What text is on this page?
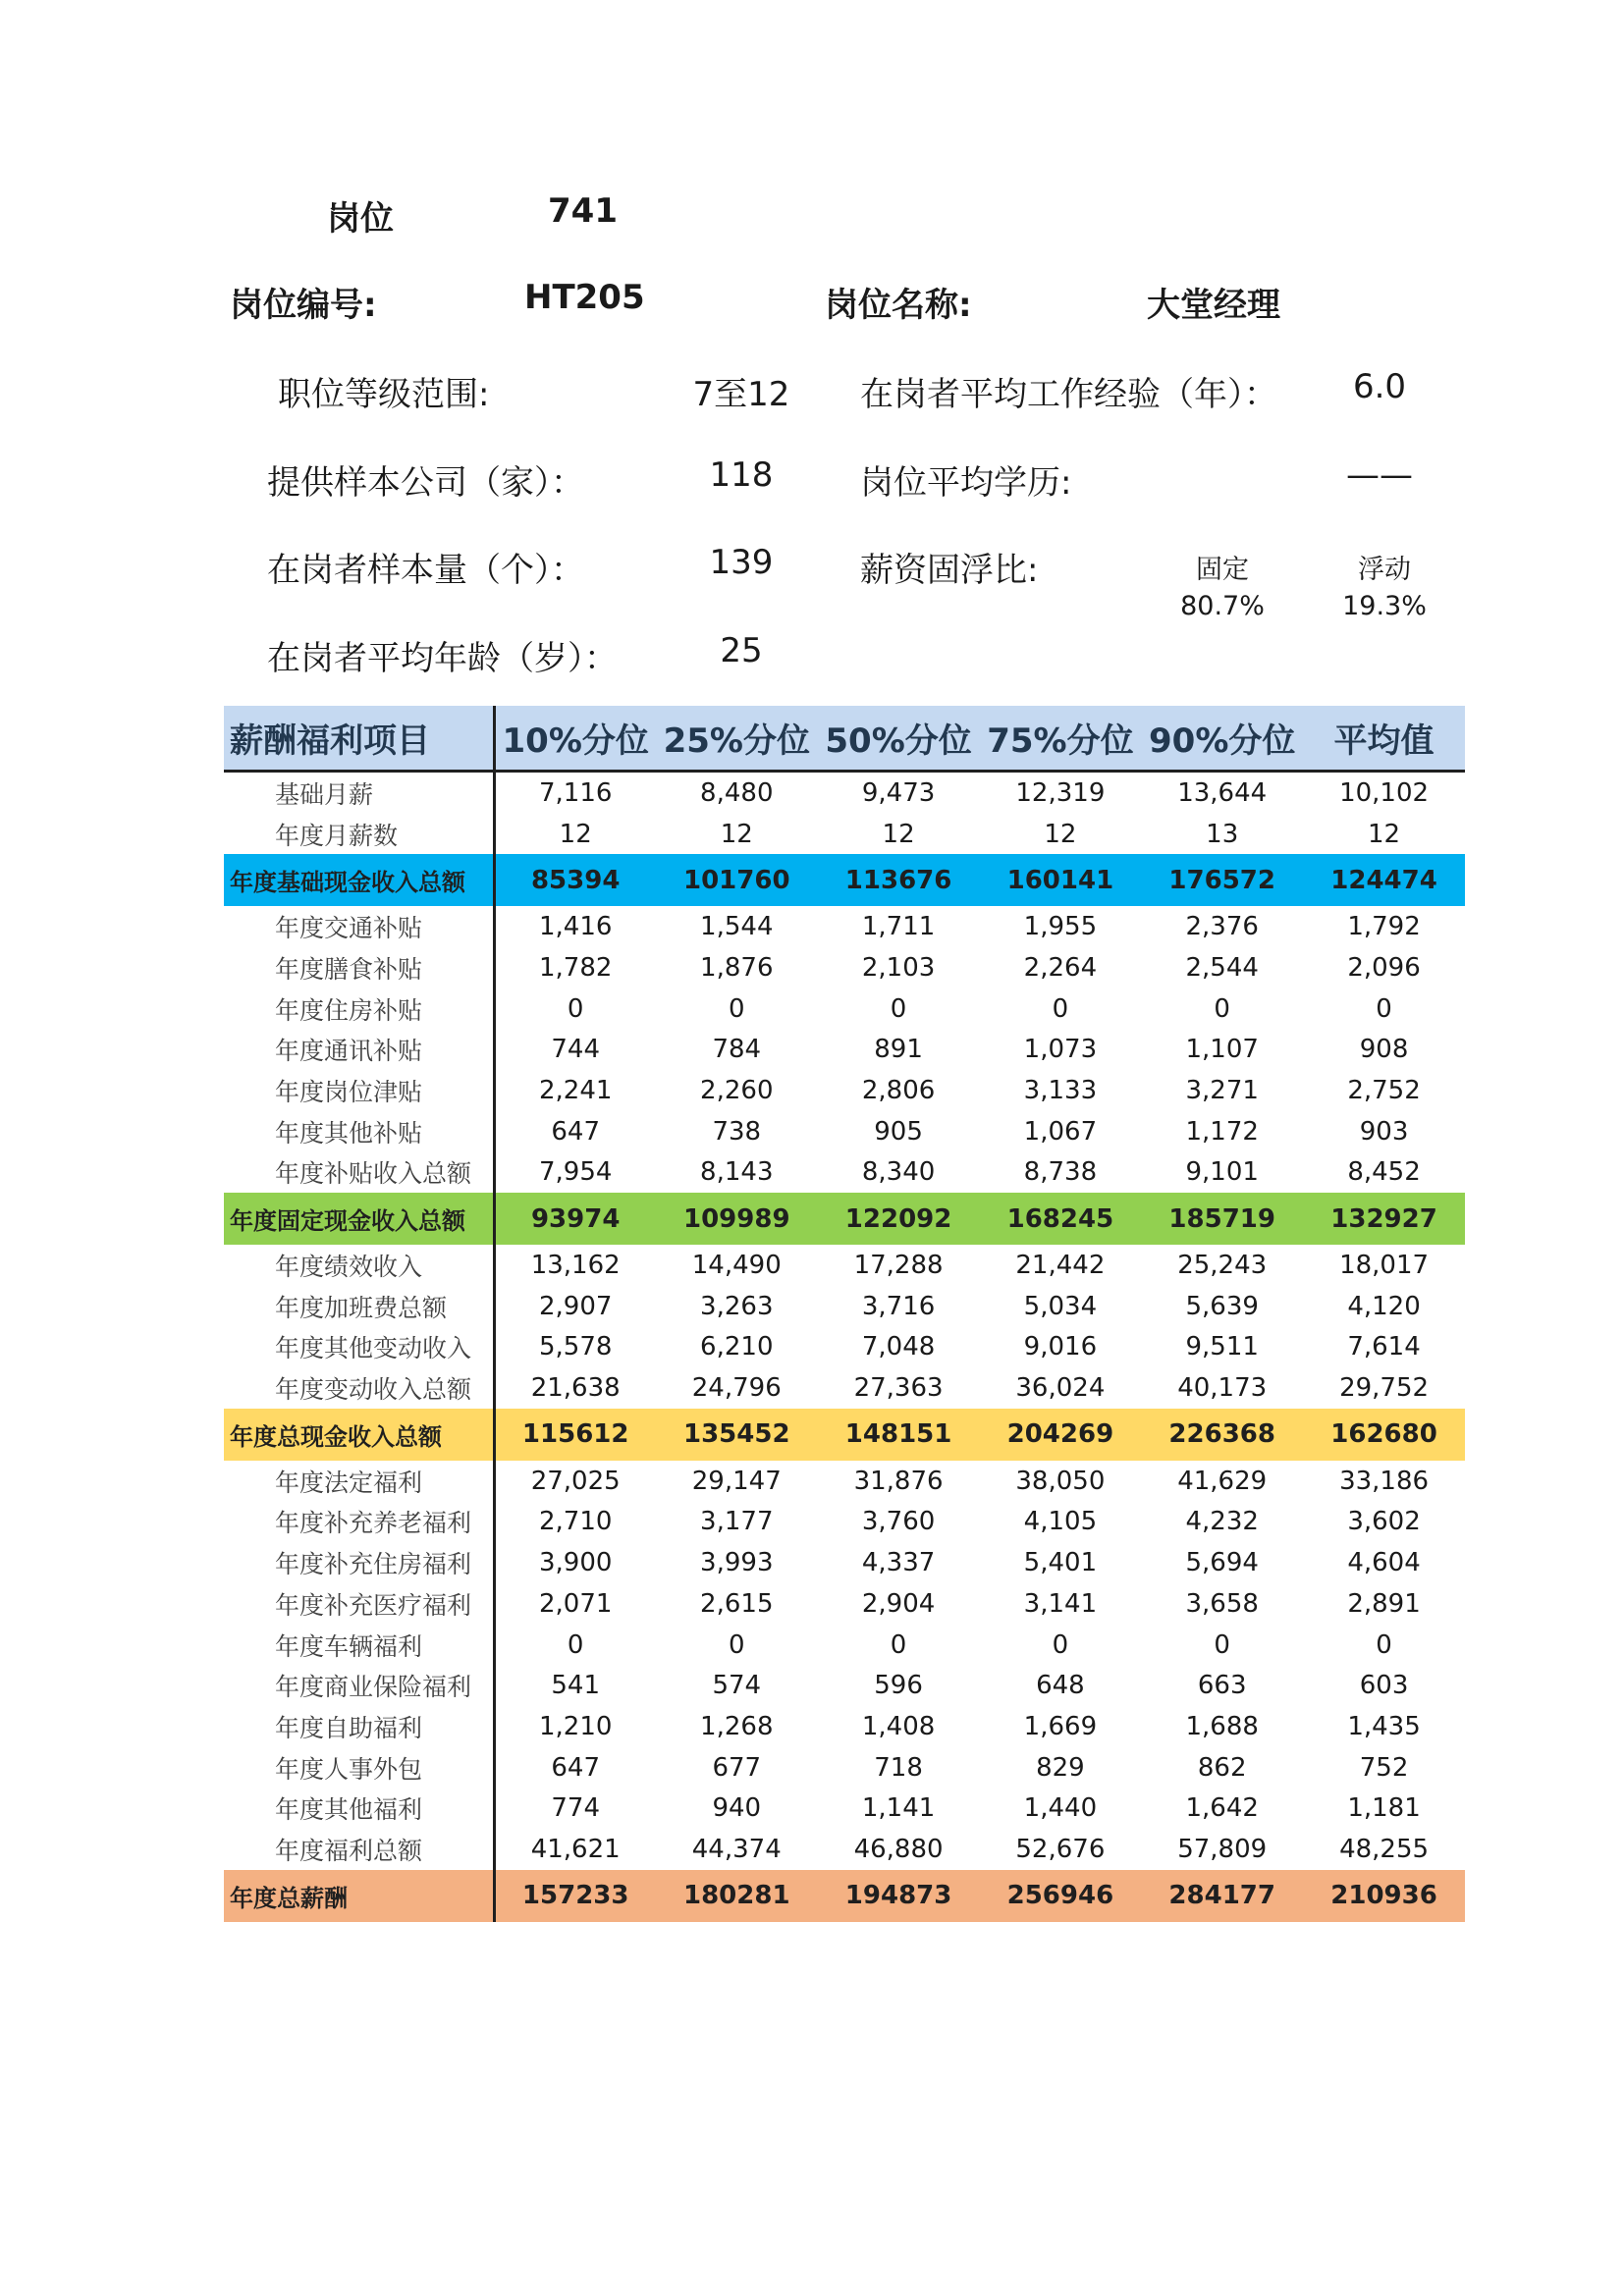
岗位	741
岗位编号:	HT205	岗位名称:	大堂经理
职位等级范围:	7至12	在岗者平均工作经验（年）：	6.0
提供样本公司（家）：	118	岗位平均学历:	——
在岗者样本量（个）：	139	薪资固浮比:	固定	浮动
80.7%	19.3%
在岗者平均年龄（岁）：	25
薪酬福利项目	10%分位	25%分位	50%分位	75%分位	90%分位	平均值
基础月薪	7,116	8,480	9,473	12,319	13,644	10,102
年度月薪数	12	12	12	12	13	12
年度基础现金收入总额	85394	101760	113676	160141	176572	124474
年度交通补贴	1,416	1,544	1,711	1,955	2,376	1,792
年度膳食补贴	1,782	1,876	2,103	2,264	2,544	2,096
年度住房补贴	0	0	0	0	0	0
年度通讯补贴	744	784	891	1,073	1,107	908
年度岗位津贴	2,241	2,260	2,806	3,133	3,271	2,752
年度其他补贴	647	738	905	1,067	1,172	903
年度补贴收入总额	7,954	8,143	8,340	8,738	9,101	8,452
年度固定现金收入总额	93974	109989	122092	168245	185719	132927
年度绩效收入	13,162	14,490	17,288	21,442	25,243	18,017
年度加班费总额	2,907	3,263	3,716	5,034	5,639	4,120
年度其他变动收入	5,578	6,210	7,048	9,016	9,511	7,614
年度变动收入总额	21,638	24,796	27,363	36,024	40,173	29,752
年度总现金收入总额	115612	135452	148151	204269	226368	162680
年度法定福利	27,025	29,147	31,876	38,050	41,629	33,186
年度补充养老福利	2,710	3,177	3,760	4,105	4,232	3,602
年度补充住房福利	3,900	3,993	4,337	5,401	5,694	4,604
年度补充医疗福利	2,071	2,615	2,904	3,141	3,658	2,891
年度车辆福利	0	0	0	0	0	0
年度商业保险福利	541	574	596	648	663	603
年度自助福利	1,210	1,268	1,408	1,669	1,688	1,435
年度人事外包	647	677	718	829	862	752
年度其他福利	774	940	1,141	1,440	1,642	1,181
年度福利总额	41,621	44,374	46,880	52,676	57,809	48,255
年度总薪酬	157233	180281	194873	256946	284177	210936
